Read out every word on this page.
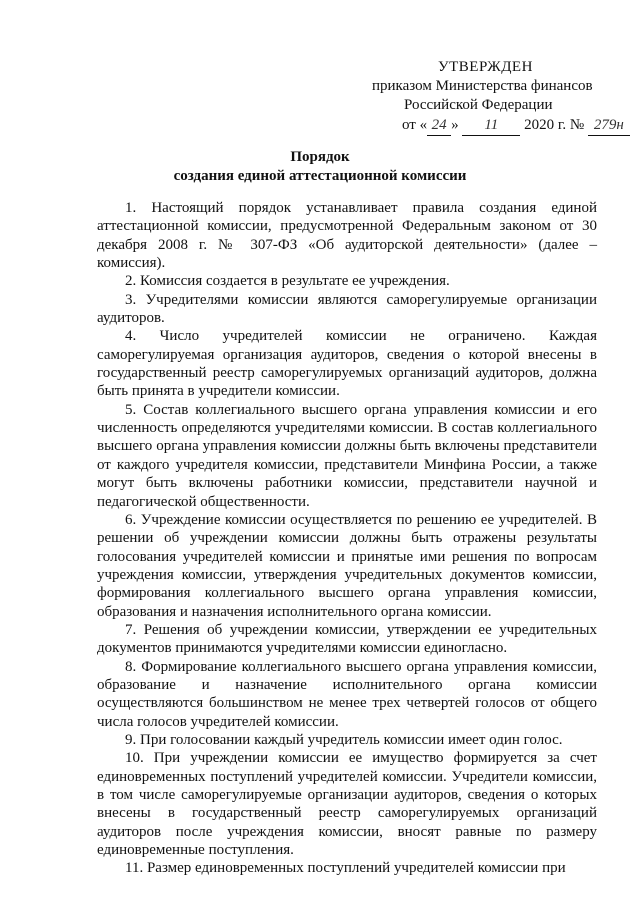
УТВЕРЖДЕН
приказом Министерства финансов
Российской Федерации
от « 24 » 11 2020 г. № 279н
Порядок
создания единой аттестационной комиссии

1. Настоящий порядок устанавливает правила создания единой аттестационной комиссии, предусмотренной Федеральным законом от 30 декабря 2008 г. № 307-ФЗ «Об аудиторской деятельности» (далее – комиссия).

2. Комиссия создается в результате ее учреждения.

3. Учредителями комиссии являются саморегулируемые организации аудиторов.

4. Число учредителей комиссии не ограничено. Каждая саморегулируемая организация аудиторов, сведения о которой внесены в государственный реестр саморегулируемых организаций аудиторов, должна быть принята в учредители комиссии.

5. Состав коллегиального высшего органа управления комиссии и его численность определяются учредителями комиссии. В состав коллегиального высшего органа управления комиссии должны быть включены представители от каждого учредителя комиссии, представители Минфина России, а также могут быть включены работники комиссии, представители научной и педагогической общественности.

6. Учреждение комиссии осуществляется по решению ее учредителей. В решении об учреждении комиссии должны быть отражены результаты голосования учредителей комиссии и принятые ими решения по вопросам учреждения комиссии, утверждения учредительных документов комиссии, формирования коллегиального высшего органа управления комиссии, образования и назначения исполнительного органа комиссии.

7. Решения об учреждении комиссии, утверждении ее учредительных документов принимаются учредителями комиссии единогласно.

8. Формирование коллегиального высшего органа управления комиссии, образование и назначение исполнительного органа комиссии осуществляются большинством не менее трех четвертей голосов от общего числа голосов учредителей комиссии.

9. При голосовании каждый учредитель комиссии имеет один голос.

10. При учреждении комиссии ее имущество формируется за счет единовременных поступлений учредителей комиссии. Учредители комиссии, в том числе саморегулируемые организации аудиторов, сведения о которых внесены в государственный реестр саморегулируемых организаций аудиторов после учреждения комиссии, вносят равные по размеру единовременные поступления.

11. Размер единовременных поступлений учредителей комиссии при
